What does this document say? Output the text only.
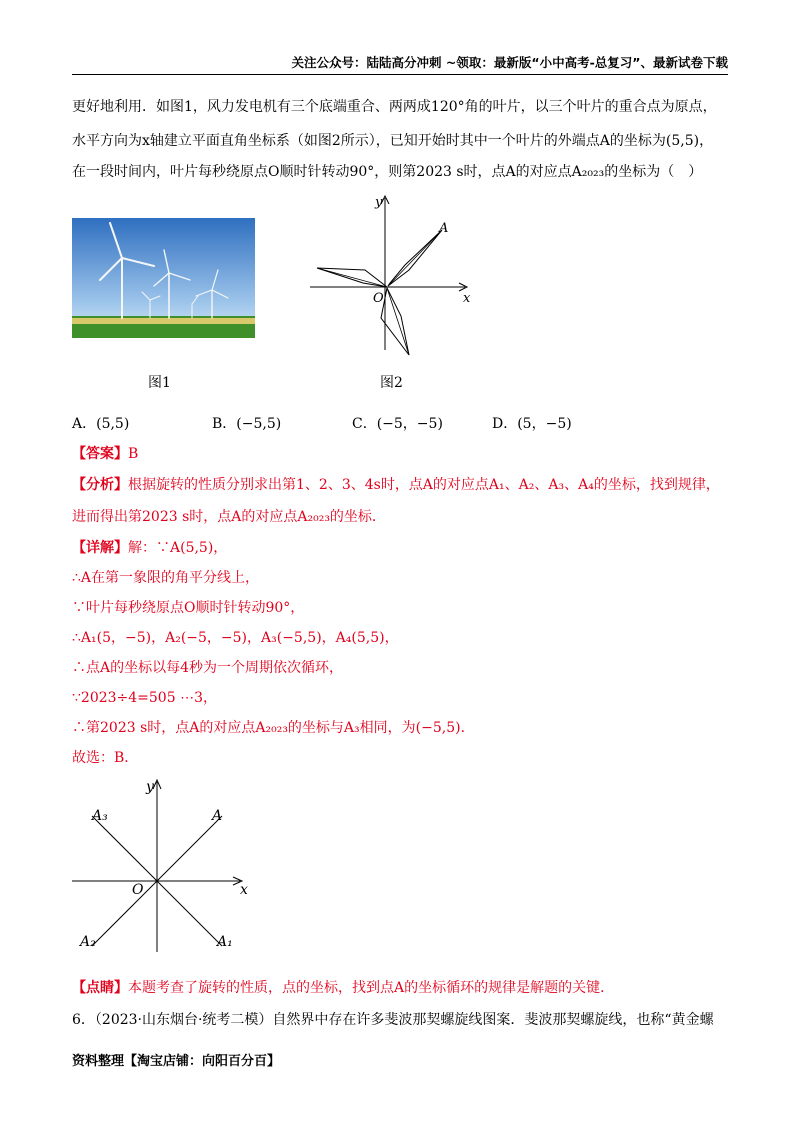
关注公众号：陆陆高分冲刺 ~领取：最新版“小中高考-总复习”、最新试卷下载
更好地利用．如图1，风力发电机有三个底端重合、两两成120°角的叶片，以三个叶片的重合点为原点，
水平方向为x轴建立平面直角坐标系（如图2所示），已知开始时其中一个叶片的外端点A的坐标为(5,5)，
在一段时间内，叶片每秒绕原点O顺时针转动90°，则第2023 s时，点A的对应点A₂₀₂₃的坐标为（　）
y
x
O
A
图1	图2
A．(5,5)	B．(−5,5)	C．(−5，−5)	D．(5，−5)
【答案】B
【分析】根据旋转的性质分别求出第1、2、3、4s时，点A的对应点A₁、A₂、A₃、A₄的坐标，找到规律，
进而得出第2023 s时，点A的对应点A₂₀₂₃的坐标．
【详解】解：∵A(5,5)，
∴A在第一象限的角平分线上，
∵叶片每秒绕原点O顺时针转动90°，
∴A₁(5，−5)，A₂(−5，−5)，A₃(−5,5)，A₄(5,5)，
∴点A的坐标以每4秒为一个周期依次循环，
∵2023÷4=505 ⋯3，
∴第2023 s时，点A的对应点A₂₀₂₃的坐标与A₃相同，为(−5,5)．
故选：B．
y
x
O
A
A₃
A₂	A₁
【点睛】本题考查了旋转的性质，点的坐标，找到点A的坐标循环的规律是解题的关键．
6．（2023·山东烟台·统考二模）自然界中存在许多斐波那契螺旋线图案．斐波那契螺旋线，也称“黄金螺
资料整理【淘宝店铺：向阳百分百】
